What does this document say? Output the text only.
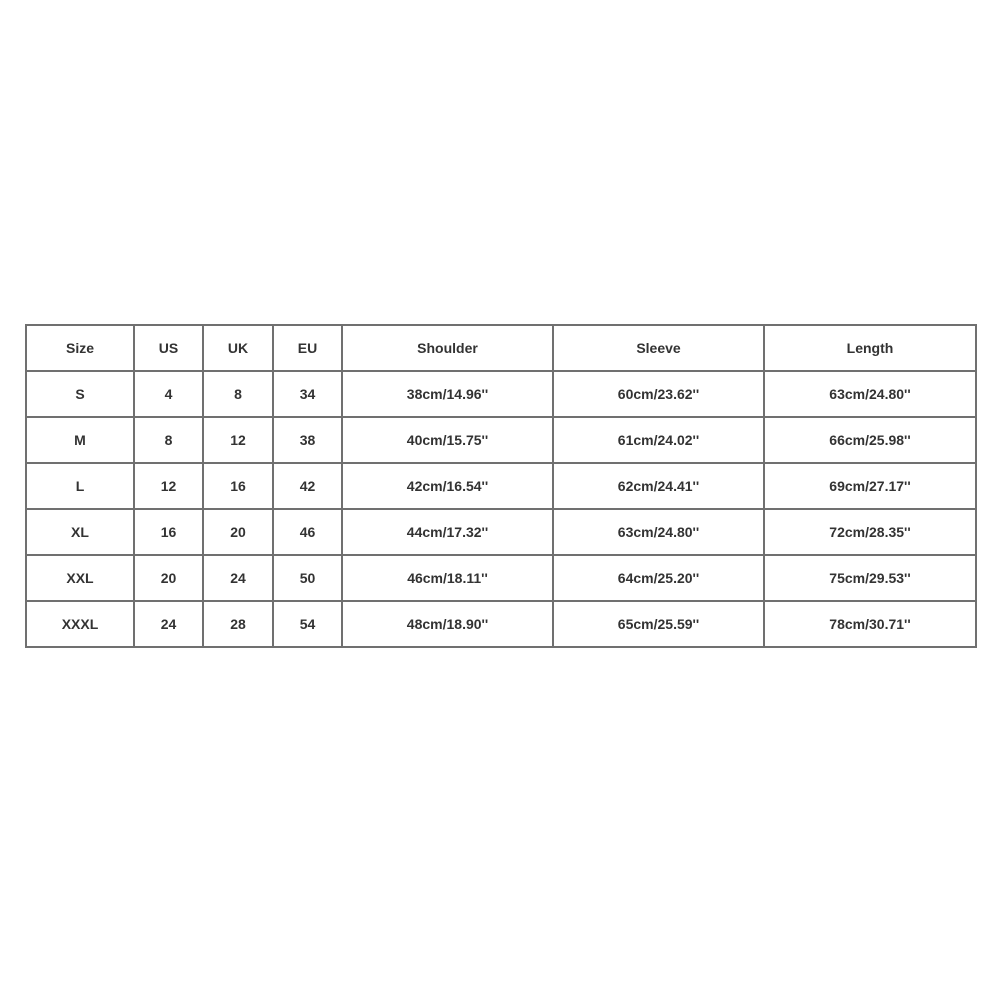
Size	US	UK	EU	Shoulder	Sleeve	Length
S	4	8	34	38cm/14.96''	60cm/23.62''	63cm/24.80''
M	8	12	38	40cm/15.75''	61cm/24.02''	66cm/25.98''
L	12	16	42	42cm/16.54''	62cm/24.41''	69cm/27.17''
XL	16	20	46	44cm/17.32''	63cm/24.80''	72cm/28.35''
XXL	20	24	50	46cm/18.11''	64cm/25.20''	75cm/29.53''
XXXL	24	28	54	48cm/18.90''	65cm/25.59''	78cm/30.71''
